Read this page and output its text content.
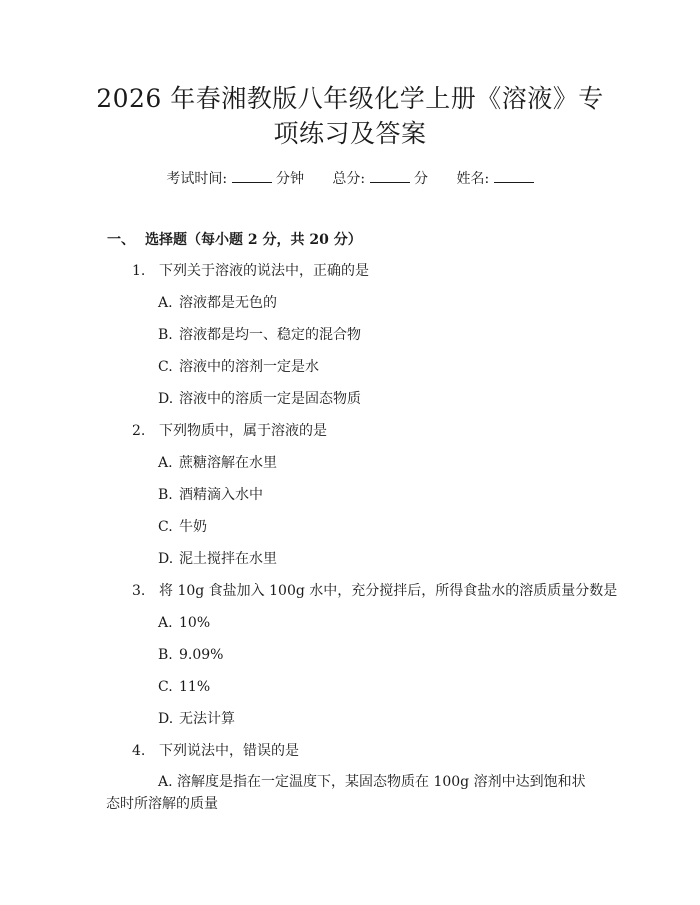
2026 年春湘教版八年级化学上册《溶液》专
项练习及答案
考试时间:	分钟 总分:	分 姓名:
一、 选择题（每小题 2 分，共 20 分）
1. 下列关于溶液的说法中，正确的是
A. 溶液都是无色的
B. 溶液都是均一、稳定的混合物
C. 溶液中的溶剂一定是水
D. 溶液中的溶质一定是固态物质
2. 下列物质中，属于溶液的是
A. 蔗糖溶解在水里
B. 酒精滴入水中
C. 牛奶
D. 泥土搅拌在水里
3. 将 10g 食盐加入 100g 水中，充分搅拌后，所得食盐水的溶质质量分数是
A. 10%
B. 9.09%
C. 11%
D. 无法计算
4. 下列说法中，错误的是
A. 溶解度是指在一定温度下，某固态物质在 100g 溶剂中达到饱和状态时所溶解的质量
